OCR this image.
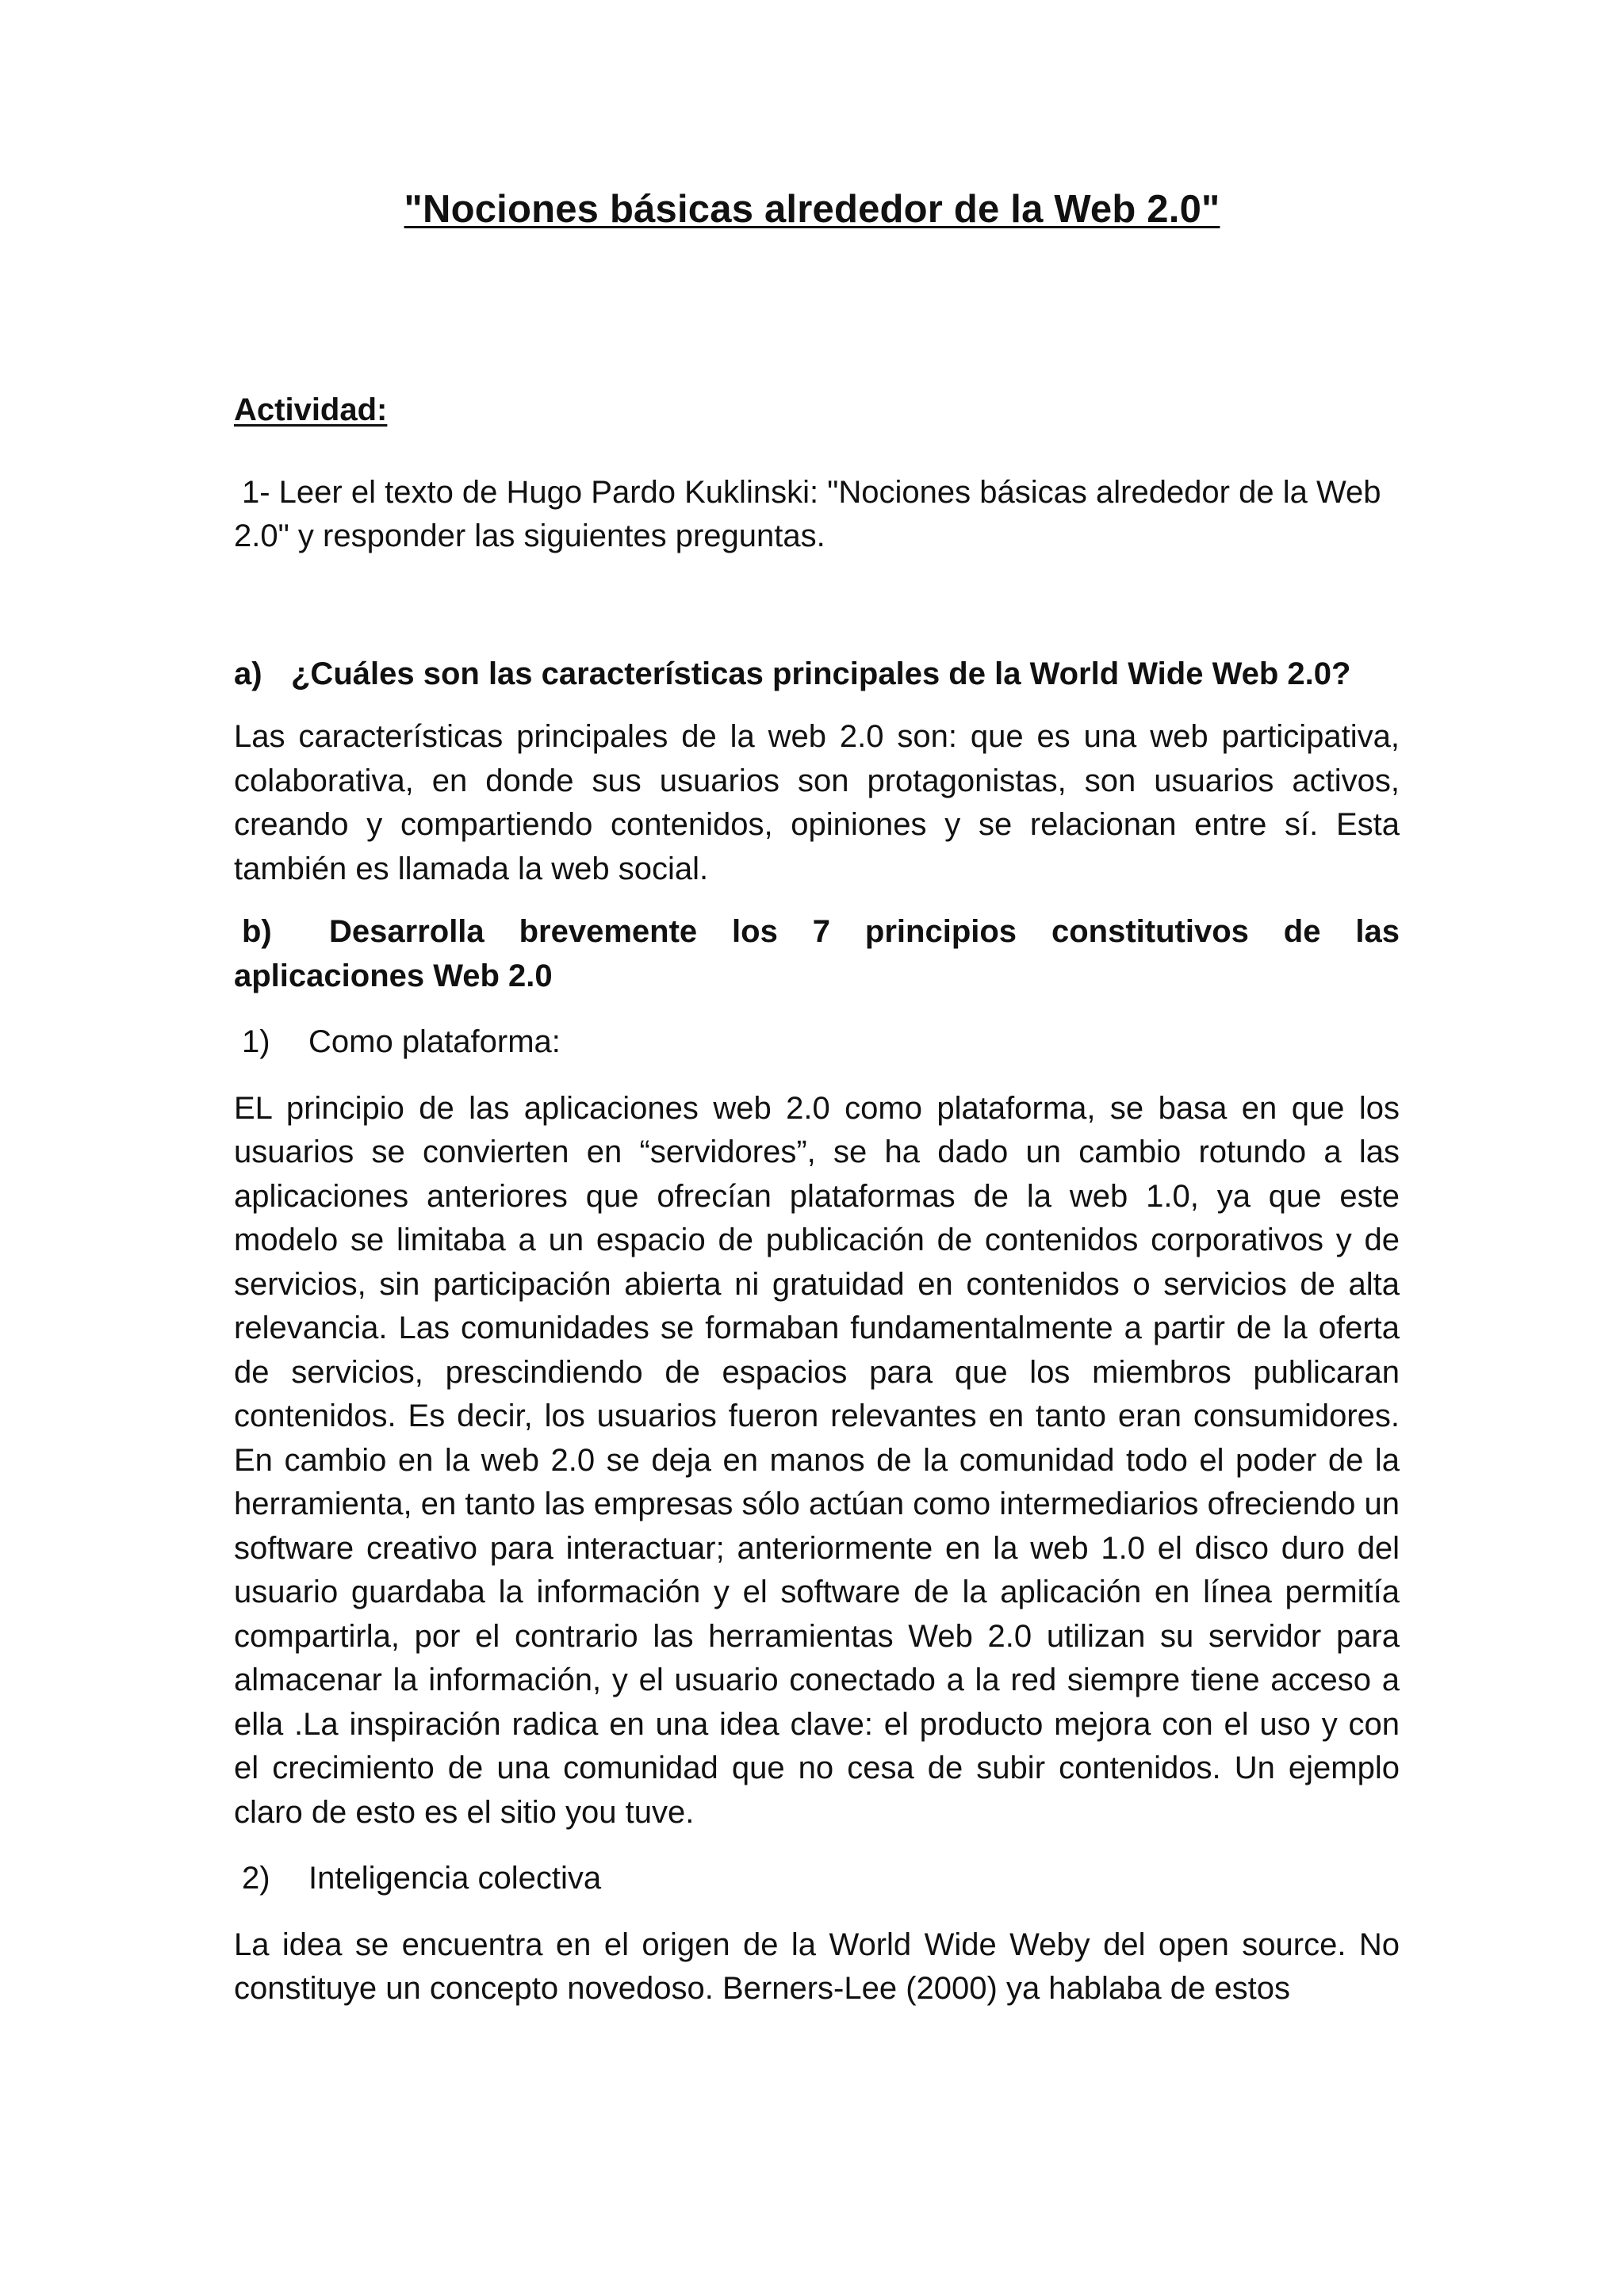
"Nociones básicas alrededor de la Web 2.0"

Actividad:

1- Leer el texto de Hugo Pardo Kuklinski: "Nociones básicas alrededor de la Web 2.0" y responder las siguientes preguntas.

a) ¿Cuáles son las características principales de la World Wide Web 2.0?

Las características principales de la web 2.0 son: que es una web participativa, colaborativa, en donde sus usuarios son protagonistas, son usuarios activos, creando y compartiendo contenidos, opiniones y se relacionan entre sí. Esta también es llamada la web social.

b) Desarrolla brevemente los 7 principios constitutivos de las aplicaciones Web 2.0

1) Como plataforma:

EL principio de las aplicaciones web 2.0 como plataforma, se basa en que los usuarios se convierten en “servidores”, se ha dado un cambio rotundo a las aplicaciones anteriores que ofrecían plataformas de la web 1.0, ya que este modelo se limitaba a un espacio de publicación de contenidos corporativos y de servicios, sin participación abierta ni gratuidad en contenidos o servicios de alta relevancia. Las comunidades se formaban fundamentalmente a partir de la oferta de servicios, prescindiendo de espacios para que los miembros publicaran contenidos. Es decir, los usuarios fueron relevantes en tanto eran consumidores. En cambio en la web 2.0 se deja en manos de la comunidad todo el poder de la herramienta, en tanto las empresas sólo actúan como intermediarios ofreciendo un software creativo para interactuar; anteriormente en la web 1.0 el disco duro del usuario guardaba la información y el software de la aplicación en línea permitía compartirla, por el contrario las herramientas Web 2.0 utilizan su servidor para almacenar la información, y el usuario conectado a la red siempre tiene acceso a ella .La inspiración radica en una idea clave: el producto mejora con el uso y con el crecimiento de una comunidad que no cesa de subir contenidos. Un ejemplo claro de esto es el sitio you tuve.

2) Inteligencia colectiva

La idea se encuentra en el origen de la World Wide Weby del open source. No constituye un concepto novedoso. Berners-Lee (2000) ya hablaba de estos
